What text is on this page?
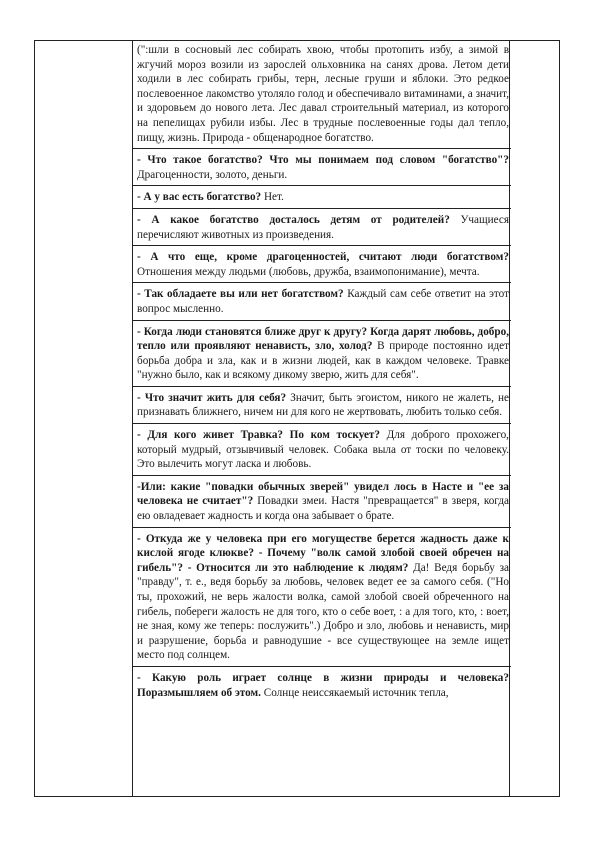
(":шли в сосновый лес собирать хвою, чтобы протопить избу, а зимой в жгучий мороз возили из зарослей ольховника на санях дрова. Летом дети ходили в лес собирать грибы, терн, лесные груши и яблоки. Это редкое послевоенное лакомство утоляло голод и обеспечивало витаминами, а значит, и здоровьем до нового лета. Лес давал строительный материал, из которого на пепелищах рубили избы. Лес в трудные послевоенные годы дал тепло, пищу, жизнь. Природа - общенародное богатство.
- Что такое богатство? Что мы понимаем под словом "богатство"? Драгоценности, золото, деньги.
- А у вас есть богатство? Нет.
- А какое богатство досталось детям от родителей? Учащиеся перечисляют животных из произведения.
- А что еще, кроме драгоценностей, считают люди богатством? Отношения между людьми (любовь, дружба, взаимопонимание), мечта.
- Так обладаете вы или нет богатством? Каждый сам себе ответит на этот вопрос мысленно.
- Когда люди становятся ближе друг к другу? Когда дарят любовь, добро, тепло или проявляют ненависть, зло, холод? В природе постоянно идет борьба добра и зла, как и в жизни людей, как в каждом человеке. Травке "нужно было, как и всякому дикому зверю, жить для себя".
- Что значит жить для себя? Значит, быть эгоистом, никого не жалеть, не признавать ближнего, ничем ни для кого не жертвовать, любить только себя.
- Для кого живет Травка? По ком тоскует? Для доброго прохожего, который мудрый, отзывчивый человек. Собака выла от тоски по человеку. Это вылечить могут ласка и любовь.
-Или: какие "повадки обычных зверей" увидел лось в Насте и "ее за человека не считает"? Повадки змеи. Настя "превращается" в зверя, когда ею овладевает жадность и когда она забывает о брате.
- Откуда же у человека при его могуществе берется жадность даже к кислой ягоде клюкве? - Почему "волк самой злобой своей обречен на гибель"? - Относится ли это наблюдение к людям? Да! Ведя борьбу за "правду", т. е., ведя борьбу за любовь, человек ведет ее за самого себя. ("Но ты, прохожий, не верь жалости волка, самой злобой своей обреченного на гибель, побереги жалость не для того, кто о себе воет, : а для того, кто, : воет, не зная, кому же теперь: послужить".) Добро и зло, любовь и ненависть, мир и разрушение, борьба и равнодушие - все существующее на земле ищет место под солнцем.
- Какую роль играет солнце в жизни природы и человека? Поразмышляем об этом. Солнце неиссякаемый источник тепла,
